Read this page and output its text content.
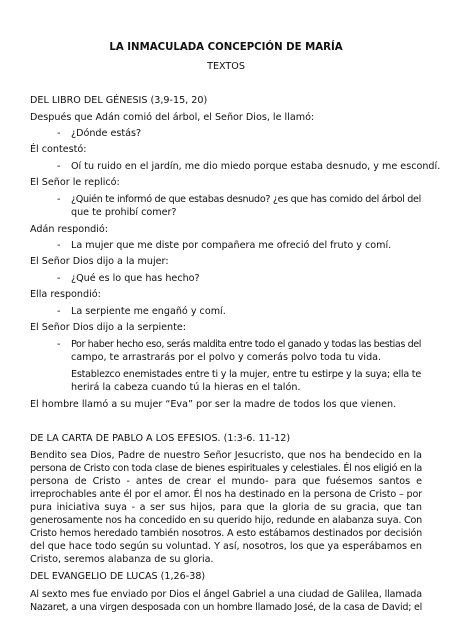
LA INMACULADA CONCEPCIÓN DE MARÍA

TEXTOS

DEL LIBRO DEL GÉNESIS (3,9-15, 20)

Después que Adán comió del árbol, el Señor Dios, le llamó:

- ¿Dónde estás?

Él contestó:

- Oí tu ruido en el jardín, me dio miedo porque estaba desnudo, y me escondí.

El Señor le replicó:

- ¿Quién te informó de que estabas desnudo? ¿es que has comido del árbol del

que te prohibí comer?

Adán respondió:

- La mujer que me diste por compañera me ofreció del fruto y comí.

El Señor Dios dijo a la mujer:

- ¿Qué es lo que has hecho?

Ella respondió:

- La serpiente me engañó y comí.

El Señor Dios dijo a la serpiente:

- Por haber hecho eso, serás maldita entre todo el ganado y todas las bestias del

campo, te arrastrarás por el polvo y comerás polvo toda tu vida.

Establezco enemistades entre ti y la mujer, entre tu estirpe y la suya; ella te

herirá la cabeza cuando tú la hieras en el talón.

El hombre llamó a su mujer “Eva” por ser la madre de todos los que vienen.

DE LA CARTA DE PABLO A LOS EFESIOS. (1:3-6. 11-12)

Bendito sea Dios, Padre de nuestro Señor Jesucristo, que nos ha bendecido en la

persona de Cristo con toda clase de bienes espirituales y celestiales. Él nos eligió en la

persona de Cristo - antes de crear el mundo- para que fuésemos santos e

irreprochables ante él por el amor. Él nos ha destinado en la persona de Cristo – por

pura iniciativa suya - a ser sus hijos, para que la gloria de su gracia, que tan

generosamente nos ha concedido en su querido hijo, redunde en alabanza suya. Con

Cristo hemos heredado también nosotros. A esto estábamos destinados por decisión

del que hace todo según su voluntad. Y así, nosotros, los que ya esperábamos en

Cristo, seremos alabanza de su gloria.

DEL EVANGELIO DE LUCAS (1,26-38)

Al sexto mes fue enviado por Dios el ángel Gabriel a una ciudad de Galilea, llamada

Nazaret, a una virgen desposada con un hombre llamado José, de la casa de David; el
